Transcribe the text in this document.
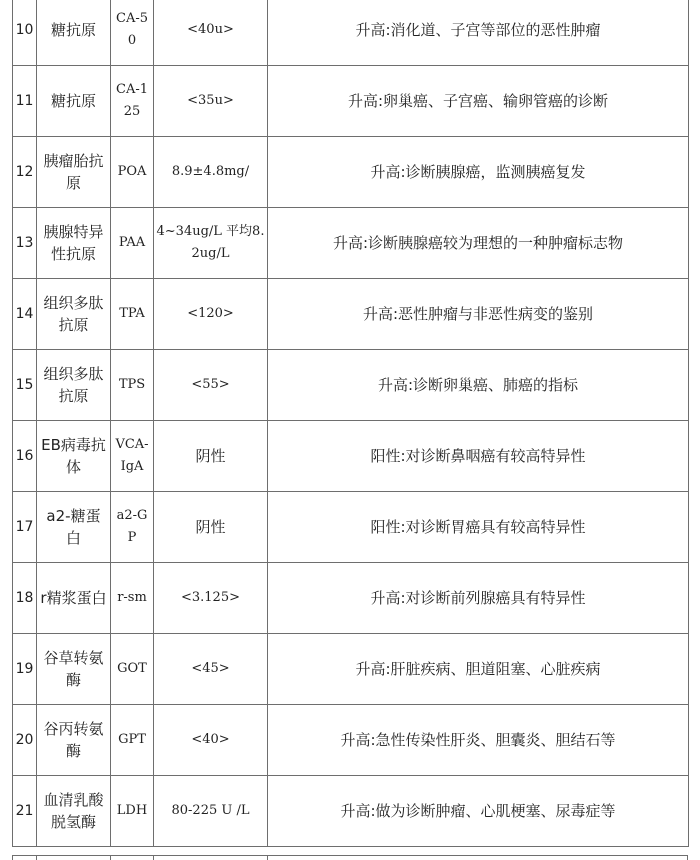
10	糖抗原	CA-50	<40u>	升高:消化道、子宫等部位的恶性肿瘤
11	糖抗原	CA-125	<35u>	升高:卵巢癌、子宫癌、输卵管癌的诊断
12	胰瘤胎抗原	POA	8.9±4.8mg/	升高:诊断胰腺癌，监测胰癌复发
13	胰腺特异性抗原	PAA	4~34ug/L 平均8.2ug/L	升高:诊断胰腺癌较为理想的一种肿瘤标志物
14	组织多肽抗原	TPA	<120>	升高:恶性肿瘤与非恶性病变的鉴别
15	组织多肽抗原	TPS	<55>	升高:诊断卵巢癌、肺癌的指标
16	EB病毒抗体	VCA-IgA	阴性	阳性:对诊断鼻咽癌有较高特异性
17	a2-糖蛋白	a2-GP	阴性	阳性:对诊断胃癌具有较高特异性
18	r精浆蛋白	r-sm	<3.125>	升高:对诊断前列腺癌具有特异性
19	谷草转氨酶	GOT	<45>	升高:肝脏疾病、胆道阻塞、心脏疾病
20	谷丙转氨酶	GPT	<40>	升高:急性传染性肝炎、胆囊炎、胆结石等
21	血清乳酸脱氢酶	LDH	80-225 U /L	升高:做为诊断肿瘤、心肌梗塞、尿毒症等
